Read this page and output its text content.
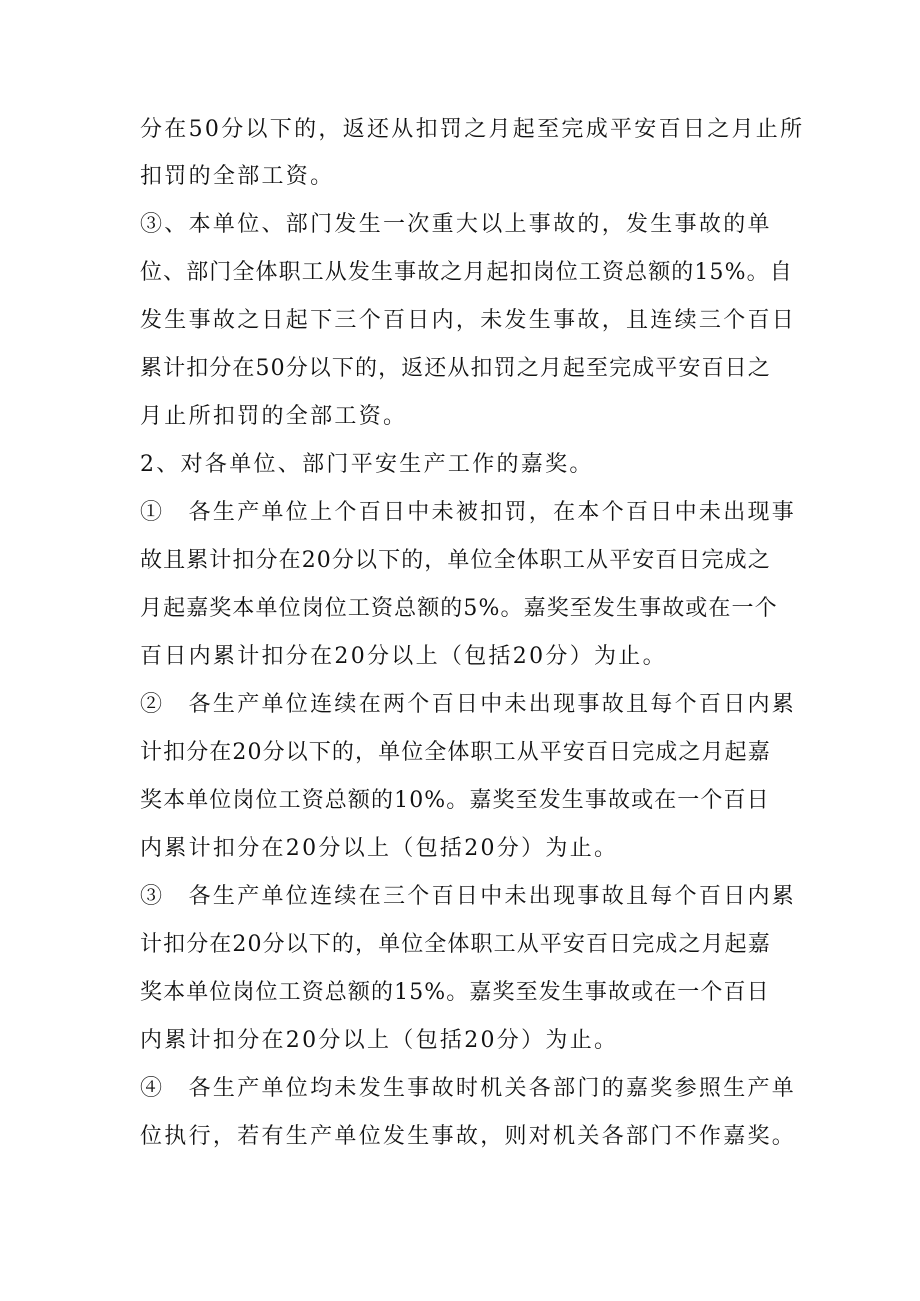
分在50分以下的，返还从扣罚之月起至完成平安百日之月止所
扣罚的全部工资。
③、本单位、部门发生一次重大以上事故的，发生事故的单
位、部门全体职工从发生事故之月起扣岗位工资总额的15%。自
发生事故之日起下三个百日内，未发生事故，且连续三个百日
累计扣分在50分以下的，返还从扣罚之月起至完成平安百日之
月止所扣罚的全部工资。
2、对各单位、部门平安生产工作的嘉奖。
①　各生产单位上个百日中未被扣罚，在本个百日中未出现事
故且累计扣分在20分以下的，单位全体职工从平安百日完成之
月起嘉奖本单位岗位工资总额的5%。嘉奖至发生事故或在一个
百日内累计扣分在20分以上（包括20分）为止。
②　各生产单位连续在两个百日中未出现事故且每个百日内累
计扣分在20分以下的，单位全体职工从平安百日完成之月起嘉
奖本单位岗位工资总额的10%。嘉奖至发生事故或在一个百日
内累计扣分在20分以上（包括20分）为止。
③　各生产单位连续在三个百日中未出现事故且每个百日内累
计扣分在20分以下的，单位全体职工从平安百日完成之月起嘉
奖本单位岗位工资总额的15%。嘉奖至发生事故或在一个百日
内累计扣分在20分以上（包括20分）为止。
④　各生产单位均未发生事故时机关各部门的嘉奖参照生产单
位执行，若有生产单位发生事故，则对机关各部门不作嘉奖。
